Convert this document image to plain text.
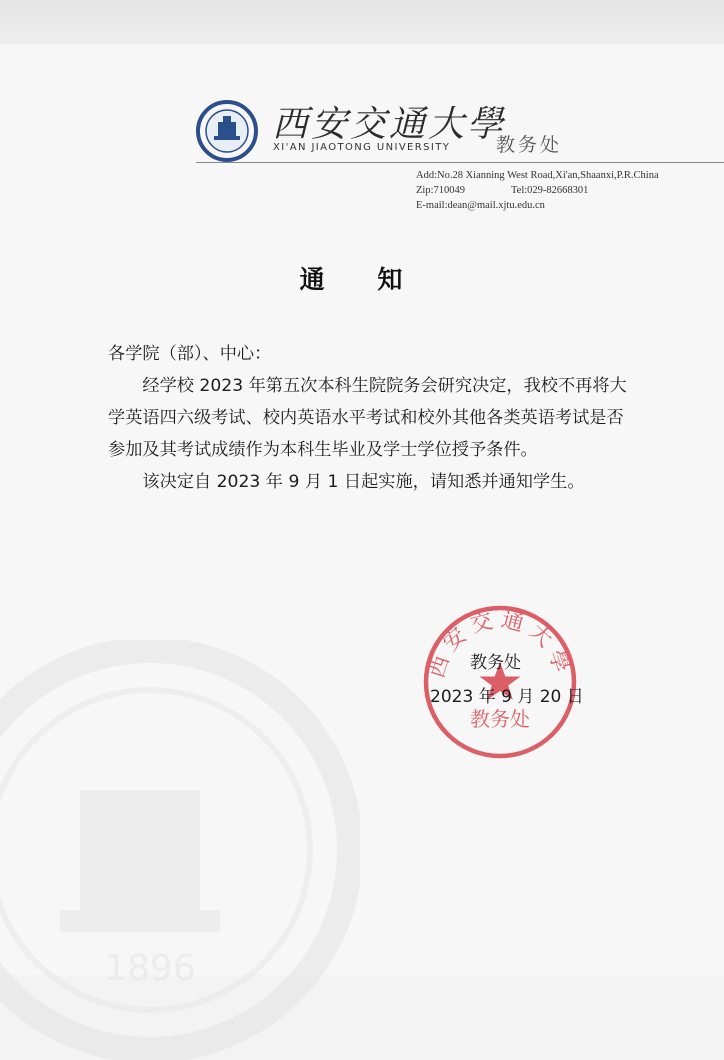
1896
西安交通大學
XI'AN JIAOTONG UNIVERSITY 教务处
Add:No.28 Xianning West Road,Xi'an,Shaanxi,P.R.China
Zip:710049	Tel:029-82668301
E-mail:dean@mail.xjtu.edu.cn
通 知

各学院（部）、中心：

经学校 2023 年第五次本科生院院务会研究决定，我校不再将大学英语四六级考试、校内英语水平考试和校外其他各类英语考试是否参加及其考试成绩作为本科生毕业及学士学位授予条件。

该决定自 2023 年 9 月 1 日起实施，请知悉并通知学生。

西安交通大學
教务处
教务处
2023 年 9 月 20 日
